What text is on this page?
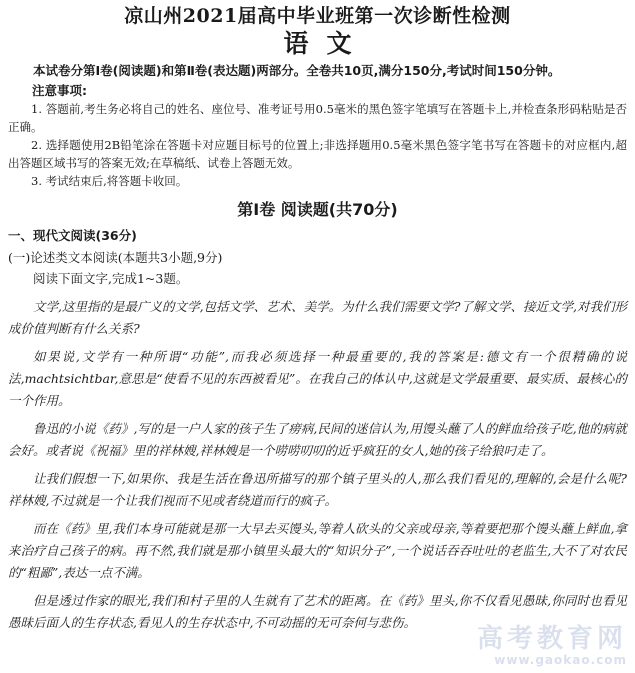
凉山州2021届高中毕业班第一次诊断性检测
语文

本试卷分第Ⅰ卷(阅读题)和第Ⅱ卷(表达题)两部分。全卷共10页,满分150分,考试时间150分钟。

注意事项:

1. 答题前,考生务必将自己的姓名、座位号、准考证号用0.5毫米的黑色签字笔填写在答题卡上,并检查条形码粘贴是否正确。

2. 选择题使用2B铅笔涂在答题卡对应题目标号的位置上;非选择题用0.5毫米黑色签字笔书写在答题卡的对应框内,超出答题区域书写的答案无效;在草稿纸、试卷上答题无效。

3. 考试结束后,将答题卡收回。

第Ⅰ卷 阅读题(共70分)

一、现代文阅读(36分)

(一)论述类文本阅读(本题共3小题,9分)

阅读下面文字,完成1~3题。

文学,这里指的是最广义的文学,包括文学、艺术、美学。为什么我们需要文学?了解文学、接近文学,对我们形成价值判断有什么关系?

如果说,文学有一种所谓“功能”,而我必须选择一种最重要的,我的答案是:德文有一个很精确的说法,machtsichtbar,意思是“使看不见的东西被看见”。在我自己的体认中,这就是文学最重要、最实质、最核心的一个作用。

鲁迅的小说《药》,写的是一户人家的孩子生了痨病,民间的迷信认为,用馒头蘸了人的鲜血给孩子吃,他的病就会好。或者说《祝福》里的祥林嫂,祥林嫂是一个唠唠叨叨的近乎疯狂的女人,她的孩子给狼叼走了。

让我们假想一下,如果你、我是生活在鲁迅所描写的那个镇子里头的人,那么我们看见的,理解的,会是什么呢?祥林嫂,不过就是一个让我们视而不见或者绕道而行的疯子。

而在《药》里,我们本身可能就是那一大早去买馒头,等着人砍头的父亲或母亲,等着要把那个馒头蘸上鲜血,拿来治疗自己孩子的病。再不然,我们就是那小镇里头最大的“知识分子”,一个说话吞吞吐吐的老监生,大不了对农民的“粗鄙”,表达一点不满。

但是透过作家的眼光,我们和村子里的人生就有了艺术的距离。在《药》里头,你不仅看见愚昧,你同时也看见愚昧后面人的生存状态,看见人的生存状态中,不可动摇的无可奈何与悲伤。

高考教育网
www.gaokao.com
